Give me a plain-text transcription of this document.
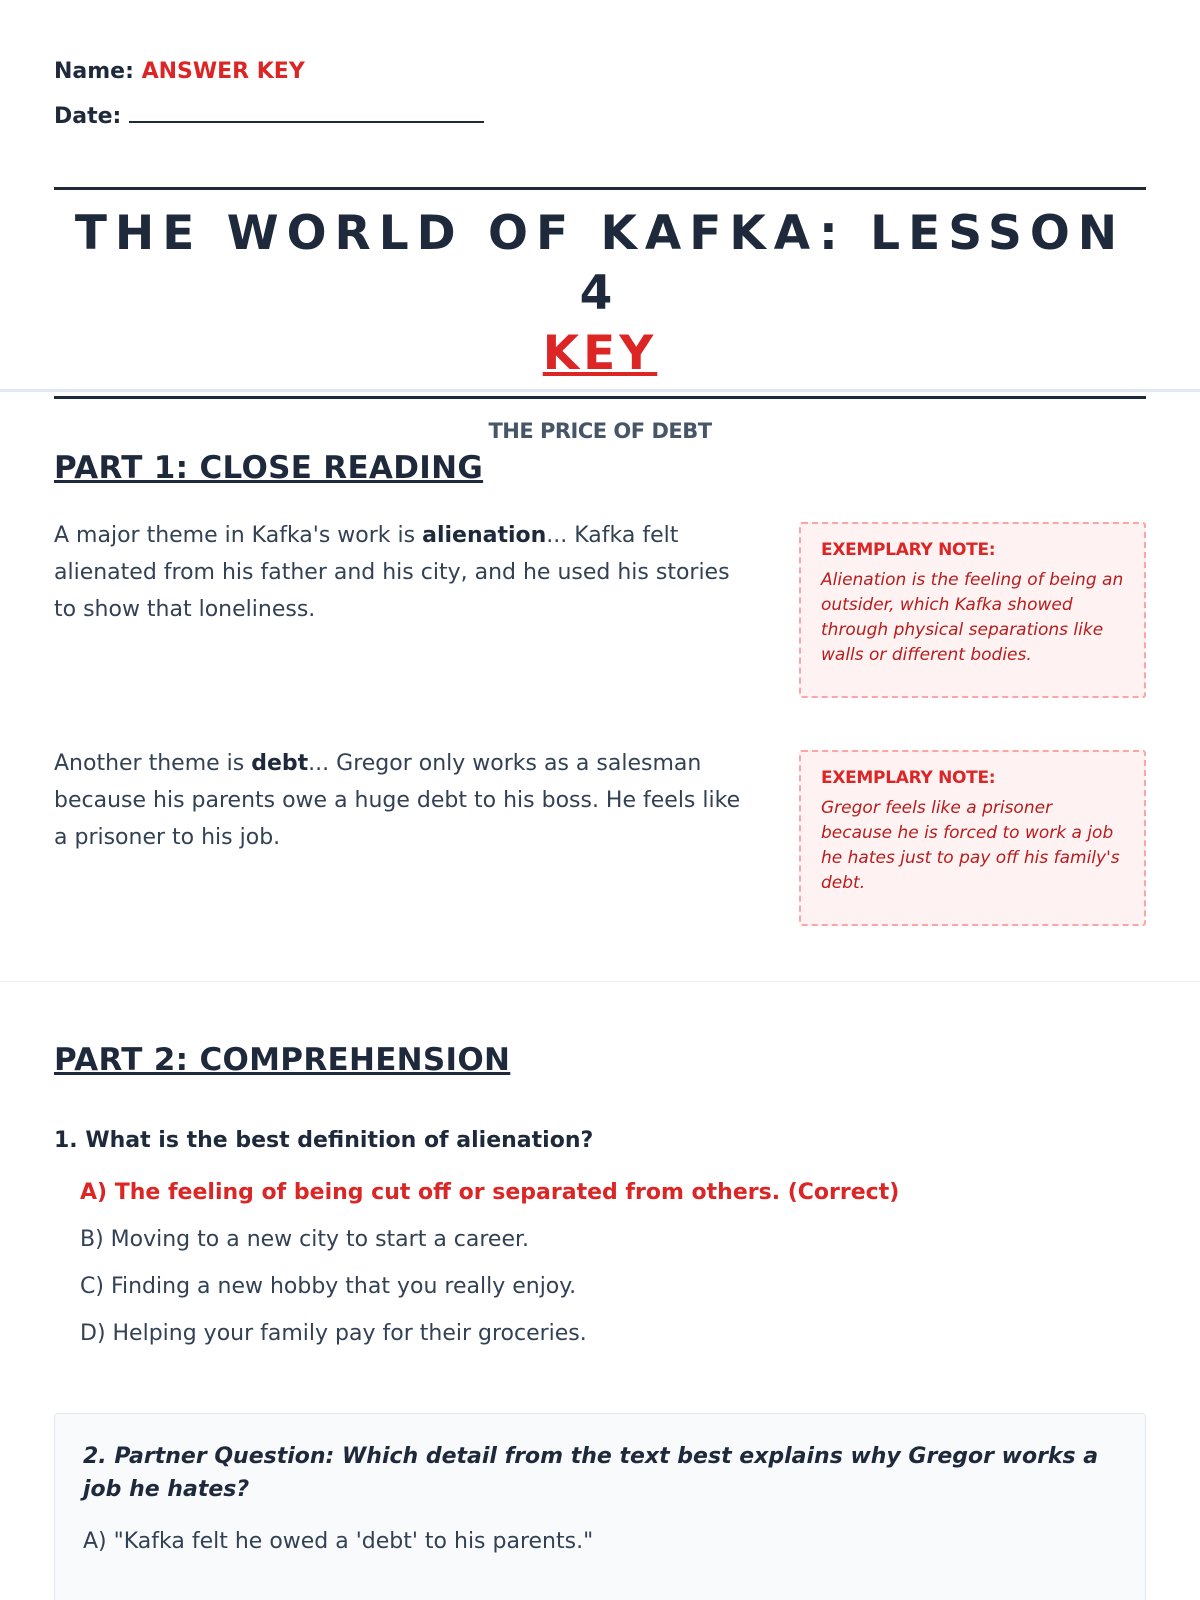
Name: ANSWER KEY
Date:
THE WORLD OF KAFKA: LESSON 4
KEY
THE PRICE OF DEBT
PART 1: CLOSE READING
A major theme in Kafka's work is alienation... Kafka felt alienated from his father and his city, and he used his stories to show that loneliness.
EXEMPLARY NOTE:
Alienation is the feeling of being an outsider, which Kafka showed through physical separations like walls or different bodies.
Another theme is debt... Gregor only works as a salesman because his parents owe a huge debt to his boss. He feels like a prisoner to his job.
EXEMPLARY NOTE:
Gregor feels like a prisoner because he is forced to work a job he hates just to pay off his family's debt.
PART 2: COMPREHENSION
1. What is the best definition of alienation?
A) The feeling of being cut off or separated from others. (Correct)
B) Moving to a new city to start a career.
C) Finding a new hobby that you really enjoy.
D) Helping your family pay for their groceries.
2. Partner Question: Which detail from the text best explains why Gregor works a job he hates?
A) "Kafka felt he owed a 'debt' to his parents."
